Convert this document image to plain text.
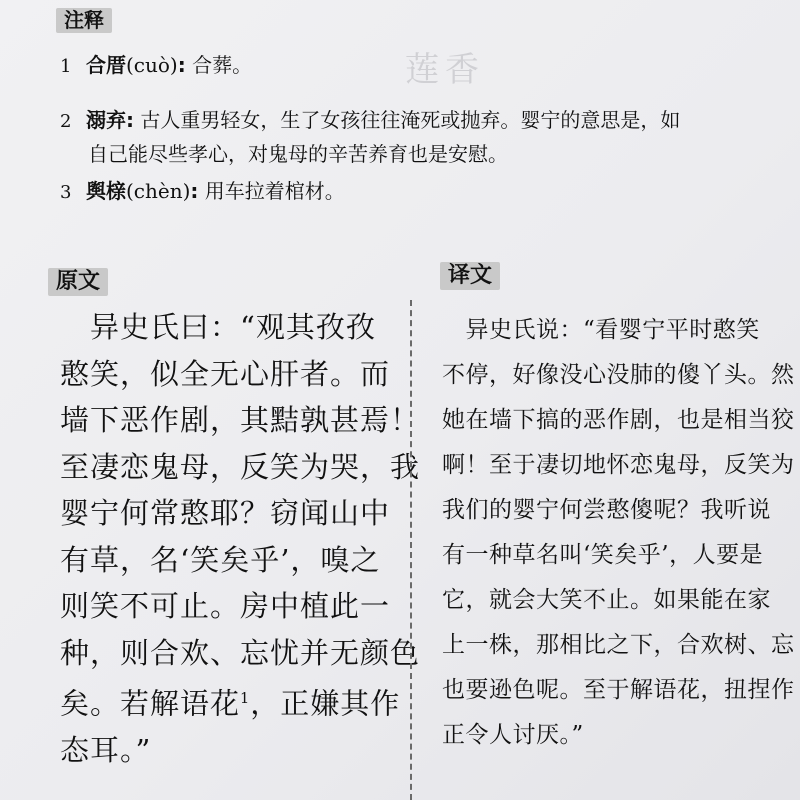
莲香
注释
1 合厝(cuò): 合葬。
2 溺弃: 古人重男轻女，生了女孩往往淹死或抛弃。婴宁的意思是，如
自己能尽些孝心，对鬼母的辛苦养育也是安慰。
3 舆榇(chèn): 用车拉着棺材。
原文
　异史氏曰：“观其孜孜
憨笑，似全无心肝者。而
墙下恶作剧，其黠孰甚焉！
至凄恋鬼母，反笑为哭，我
婴宁何常憨耶？窃闻山中
有草，名‘笑矣乎’，嗅之
则笑不可止。房中植此一
种，则合欢、忘忧并无颜色
矣。若解语花$^1$，正嫌其作
态耳。”
译文
　异史氏说：“看婴宁平时憨笑
不停，好像没心没肺的傻丫头。然
她在墙下搞的恶作剧，也是相当狡
啊！至于凄切地怀恋鬼母，反笑为
我们的婴宁何尝憨傻呢？我听说
有一种草名叫‘笑矣乎’，人要是
它，就会大笑不止。如果能在家
上一株，那相比之下，合欢树、忘
也要逊色呢。至于解语花，扭捏作
正令人讨厌。”
